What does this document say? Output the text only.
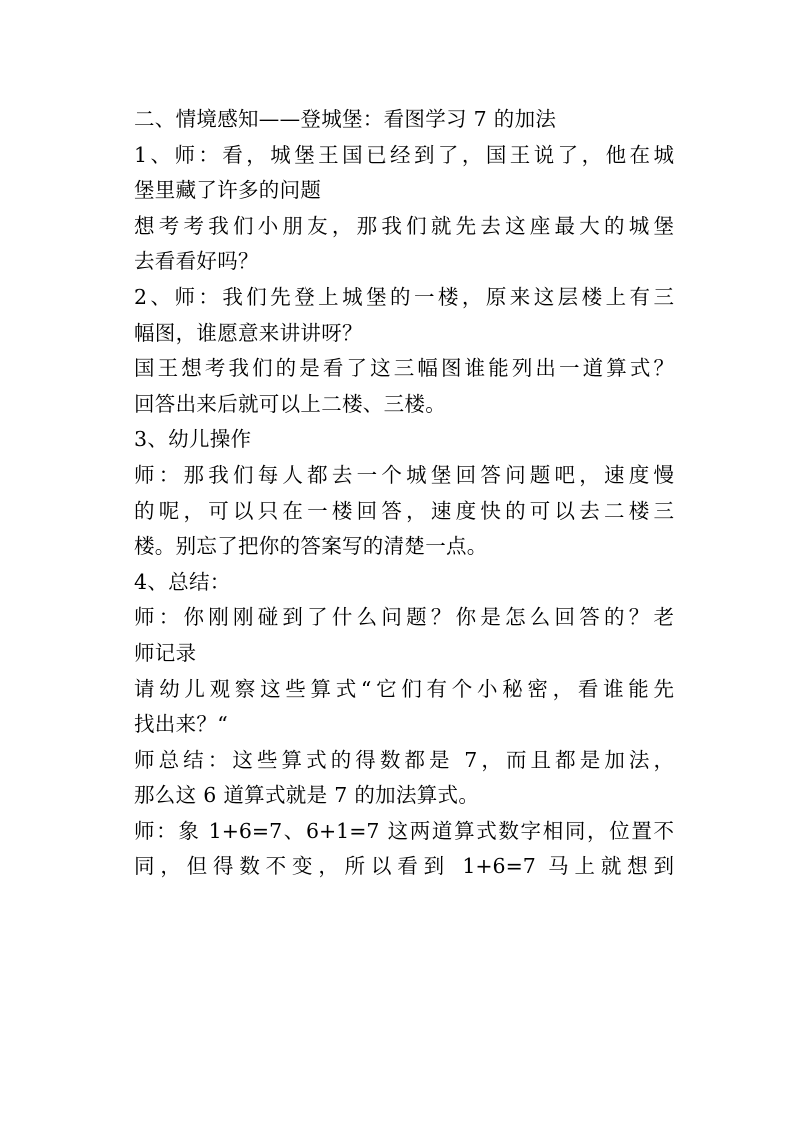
二、情境感知——登城堡：看图学习 7 的加法
1、师：看，城堡王国已经到了，国王说了，他在城
堡里藏了许多的问题
想考考我们小朋友，那我们就先去这座最大的城堡
去看看好吗？
2、师：我们先登上城堡的一楼，原来这层楼上有三
幅图，谁愿意来讲讲呀？
国王想考我们的是看了这三幅图谁能列出一道算式？
回答出来后就可以上二楼、三楼。
3、幼儿操作
师：那我们每人都去一个城堡回答问题吧，速度慢
的呢，可以只在一楼回答，速度快的可以去二楼三
楼。别忘了把你的答案写的清楚一点。
4、总结：
师：你刚刚碰到了什么问题？你是怎么回答的？老
师记录
请幼儿观察这些算式“它们有个小秘密，看谁能先
找出来？“
师总结：这些算式的得数都是 7，而且都是加法，
那么这 6 道算式就是 7 的加法算式。
师：象 1+6=7、6+1=7 这两道算式数字相同，位置不
同，但得数不变，所以看到 1+6=7 马上就想到
